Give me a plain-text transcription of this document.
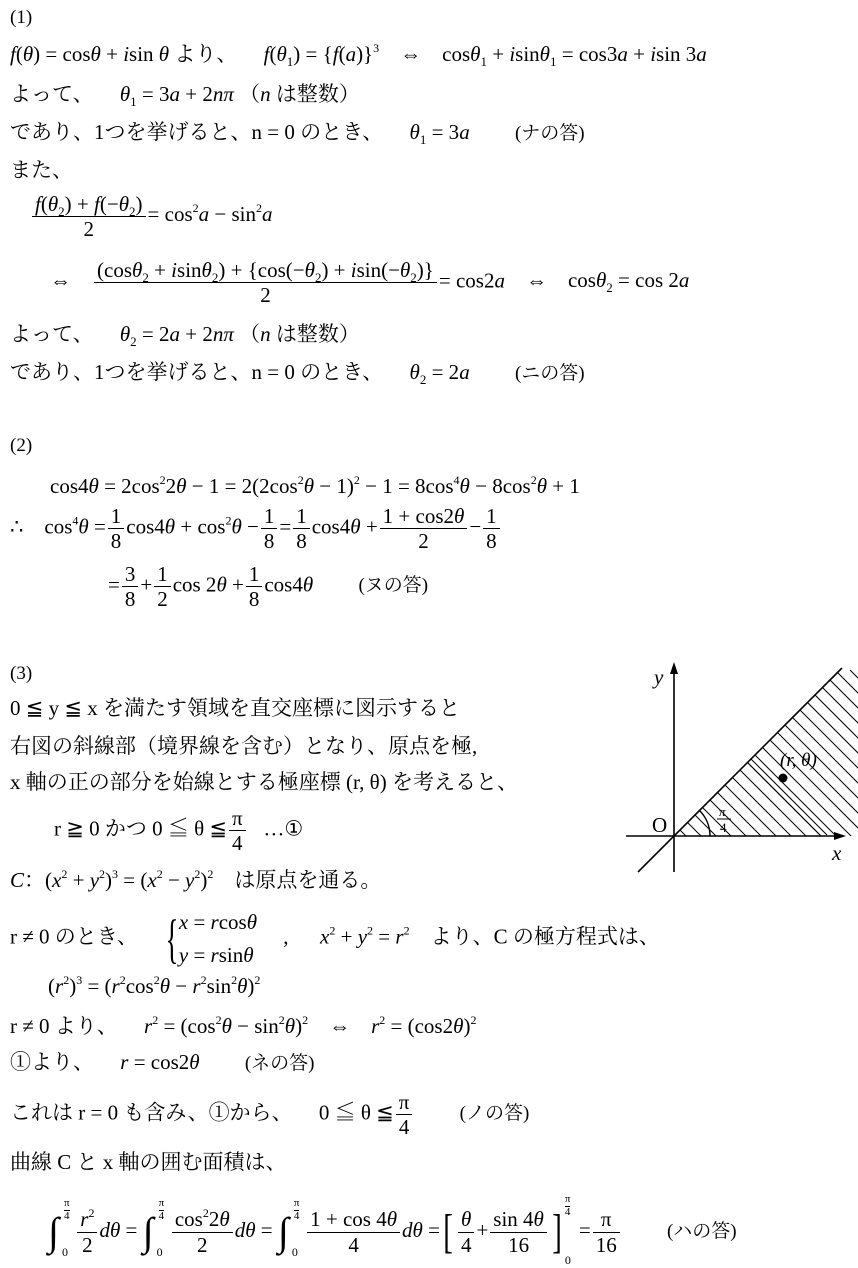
(1)
f(θ) = cosθ + isin θ より、 $f(\theta_1) = \{f(a)\}^3$ ⇔ cosθ$_1$ + isinθ$_1$ = cos3a + isin 3a
よって、 $\theta_1 = 3a + 2n\pi$ （n は整数）
であり、1つを挙げると、n = 0 のとき、 $\theta_1 = 3a$ (ナの答)
また、
$\frac{f(\theta_2) + f(-\theta_2)}{2} = \cos^2a - \sin^2a$
⇔ $\frac{(\cos\theta_2 + isin\theta_2) + \{\cos(-\theta_2) + isin(-\theta_2)\}}{2} = \cos 2a$ ⇔ cosθ$_2$ = cos 2a
よって、 $\theta_2 = 2a + 2n\pi$ （n は整数）
であり、1つを挙げると、n = 0 のとき、 $\theta_2 = 2a$ (ニの答)
(2)
$\cos 4\theta = 2\cos^22\theta - 1 = 2(2\cos^2\theta - 1)^2 - 1 = 8\cos^4\theta - 8\cos^2\theta + 1$
∴    $\cos^4\theta = \frac{1}{8} \cos 4\theta + \cos^2\theta - \frac{1}{8} = \frac{1}{8} \cos 4\theta + \frac{1 + \cos 2\theta}{2} - \frac{1}{8}$
= $\frac{3}{8} + \frac{1}{2}$ $\cos 2\theta + \frac{1}{8} \cos 4\theta$ (ヌの答)
(3)
0 ≦ y ≦ x を満たす領域を直交座標に図示すると
右図の斜線部（境界線を含む）となり、原点を極,
x 軸の正の部分を始線とする極座標 (r, θ) を考えると、
r ≧ 0 かつ 0 ≦ θ ≦ $\frac{\pi}{4}$ …①
C：$(x^2 + y^2)^3 = (x^2 - y^2)^2$ は原点を通る。
r ≠ 0 のとき、 { x = rcosθ
y = rsinθ
, $x^2 + y^2 = r^2$ より、C の極方程式は、
$(r^2)^3 = (r^2\cos^2\theta - r^2\sin^2\theta)^2$
r ≠ 0 より、 $r^2 = (\cos^2\theta - \sin^2\theta)^2$ ⇔ $r^2 = (\cos 2\theta)^2$
①より、 r = cos2θ (ネの答)
これは r = 0 も含み、①から、 0 ≦ θ ≦ $\frac{\pi}{4}$ (ノの答)
曲線 C と x 軸の囲む面積は、
∫
π
4
0
$\frac{r^2}{2}$ dθ = ∫
π
4
0
$\frac{\cos^22\theta}{2}$ dθ = ∫
π
4
0
$\frac{1 + \cos 4\theta}{4}$ dθ =[ $\frac{\theta}{4} + \frac{\sin 4\theta}{16}$ ]
π
4
0
= $\frac{\pi}{16}$ (ハの答)
y
x
O
(r, θ)
π
4
